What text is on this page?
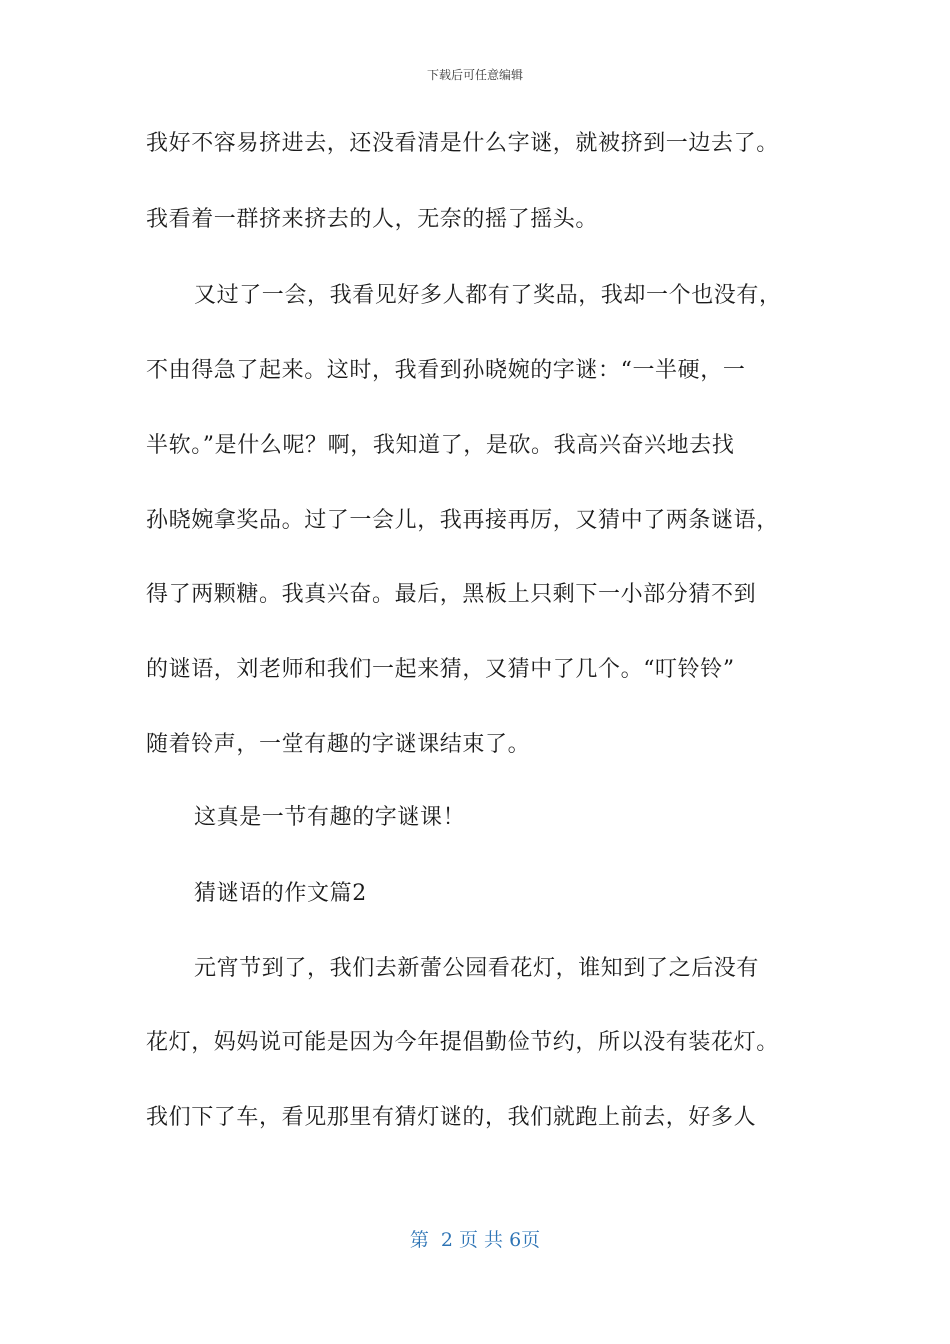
下载后可任意编辑
我好不容易挤进去，还没看清是什么字谜，就被挤到一边去了。
我看着一群挤来挤去的人，无奈的摇了摇头。
又过了一会，我看见好多人都有了奖品，我却一个也没有，
不由得急了起来。这时，我看到孙晓婉的字谜：“一半硬，一
半软。”是什么呢？啊，我知道了，是砍。我高兴奋兴地去找
孙晓婉拿奖品。过了一会儿，我再接再厉，又猜中了两条谜语，
得了两颗糖。我真兴奋。最后，黑板上只剩下一小部分猜不到
的谜语，刘老师和我们一起来猜，又猜中了几个。“叮铃铃”
随着铃声，一堂有趣的字谜课结束了。
这真是一节有趣的字谜课！
猜谜语的作文篇2
元宵节到了，我们去新蕾公园看花灯，谁知到了之后没有
花灯，妈妈说可能是因为今年提倡勤俭节约，所以没有装花灯。
我们下了车，看见那里有猜灯谜的，我们就跑上前去，好多人
第  2 页 共 6页
